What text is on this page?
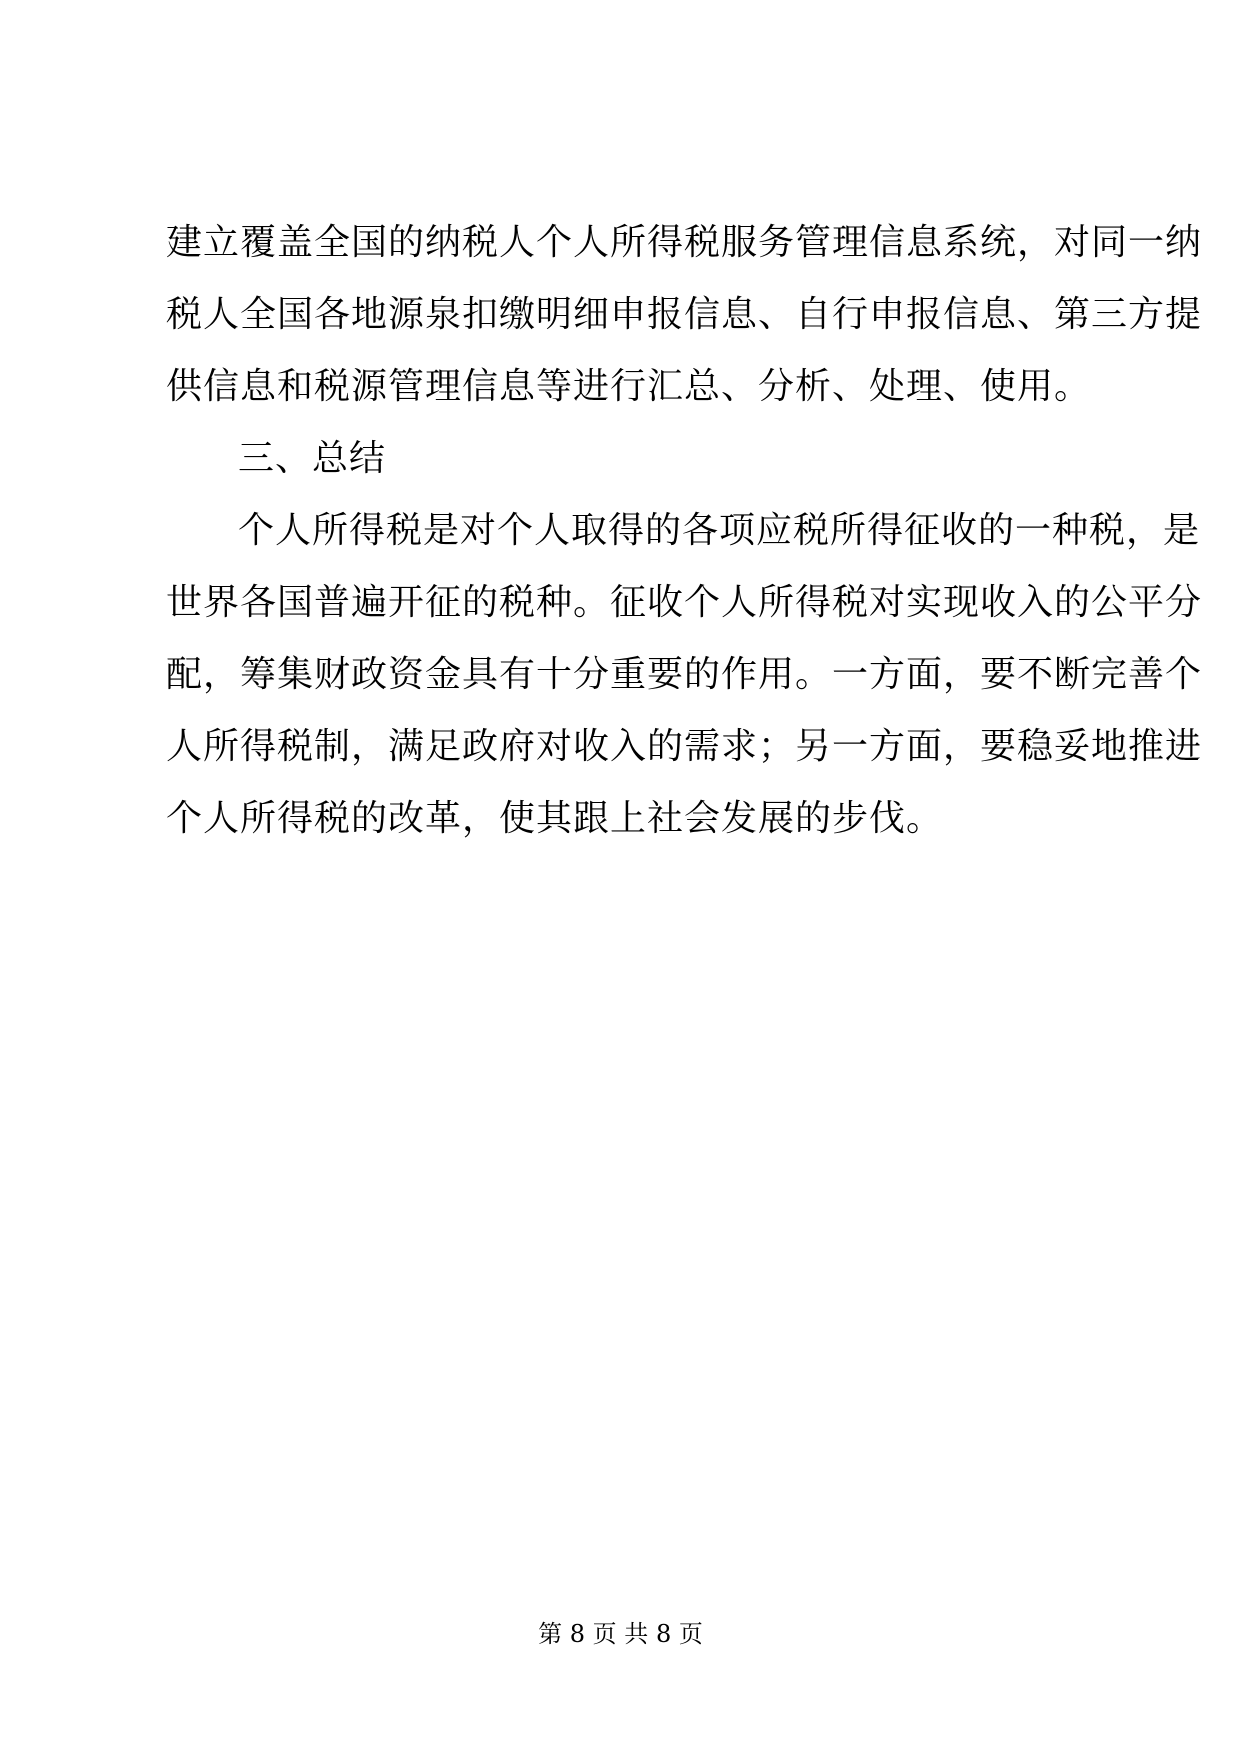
建立覆盖全国的纳税人个人所得税服务管理信息系统，对同一纳
税人全国各地源泉扣缴明细申报信息、自行申报信息、第三方提
供信息和税源管理信息等进行汇总、分析、处理、使用。
三、总结
个人所得税是对个人取得的各项应税所得征收的一种税，是
世界各国普遍开征的税种。征收个人所得税对实现收入的公平分
配，筹集财政资金具有十分重要的作用。一方面，要不断完善个
人所得税制，满足政府对收入的需求；另一方面，要稳妥地推进
个人所得税的改革，使其跟上社会发展的步伐。
第 8 页 共 8 页
